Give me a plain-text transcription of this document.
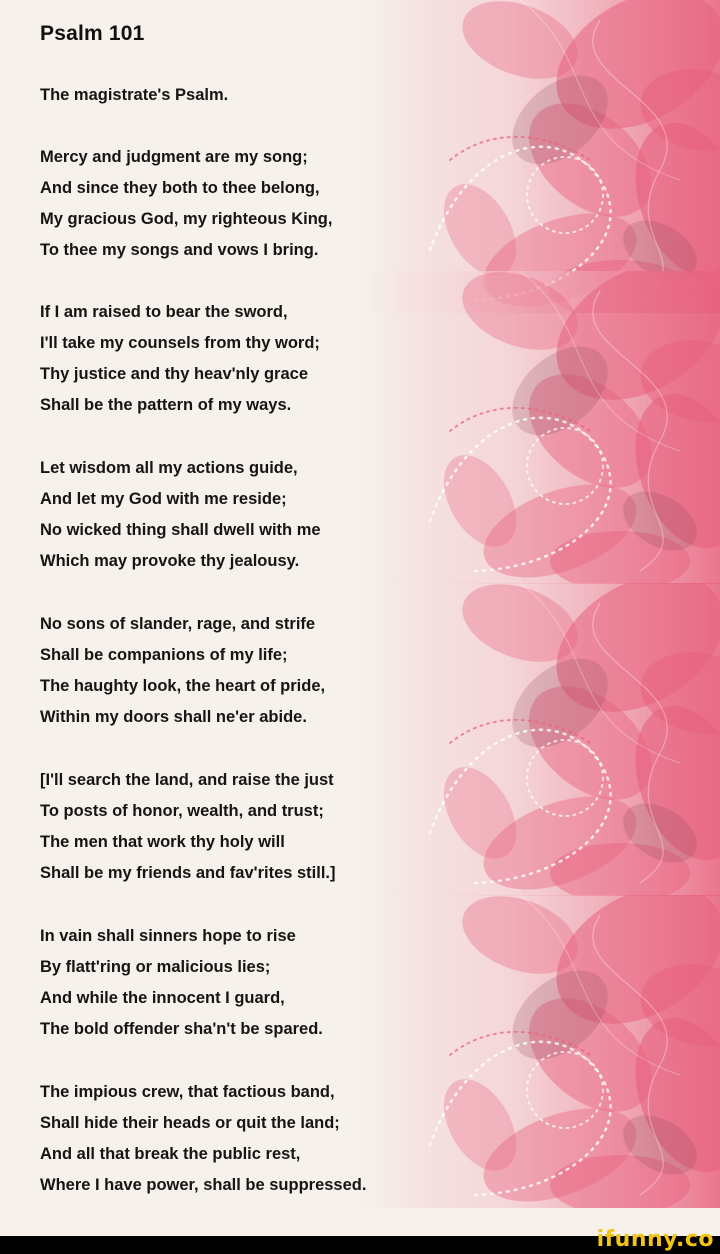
Psalm 101

The magistrate's Psalm.

Mercy and judgment are my song;
And since they both to thee belong,
My gracious God, my righteous King,
To thee my songs and vows I bring.
If I am raised to bear the sword,
I'll take my counsels from thy word;
Thy justice and thy heav'nly grace
Shall be the pattern of my ways.
Let wisdom all my actions guide,
And let my God with me reside;
No wicked thing shall dwell with me
Which may provoke thy jealousy.
No sons of slander, rage, and strife
Shall be companions of my life;
The haughty look, the heart of pride,
Within my doors shall ne'er abide.
[I'll search the land, and raise the just
To posts of honor, wealth, and trust;
The men that work thy holy will
Shall be my friends and fav'rites still.]
In vain shall sinners hope to rise
By flatt'ring or malicious lies;
And while the innocent I guard,
The bold offender sha'n't be spared.
The impious crew, that factious band,
Shall hide their heads or quit the land;
And all that break the public rest,
Where I have power, shall be suppressed.
ifunny.co
